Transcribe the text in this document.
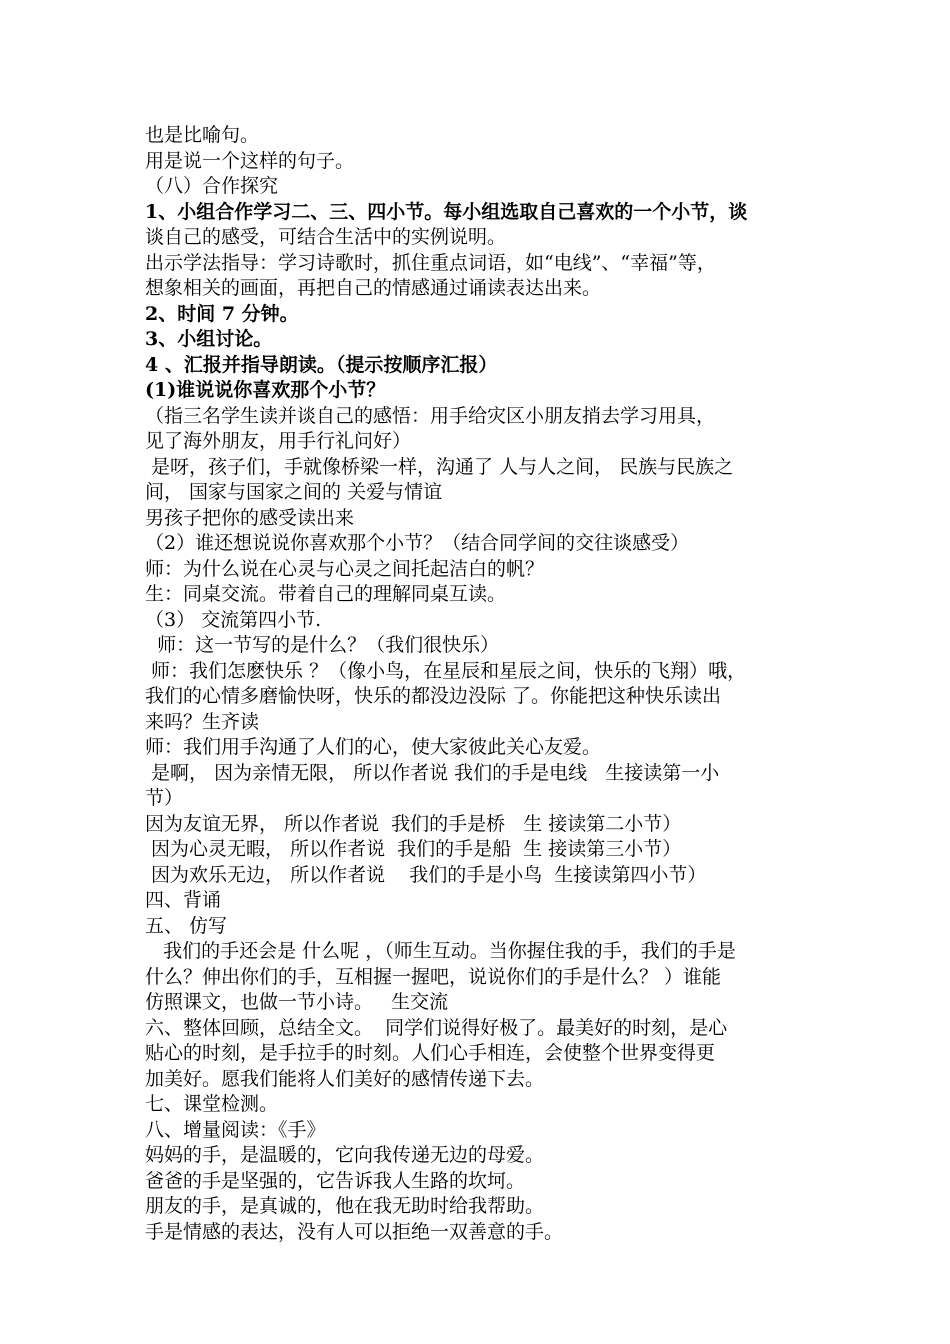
也是比喻句。
用是说一个这样的句子。
（八）合作探究
1、小组合作学习二、三、四小节。每小组选取自己喜欢的一个小节，谈
谈自己的感受，可结合生活中的实例说明。
出示学法指导：学习诗歌时，抓住重点词语，如“电线”、“幸福”等，
想象相关的画面，再把自己的情感通过诵读表达出来。
2、时间 7 分钟。
3、小组讨论。
4 、汇报并指导朗读。（提示按顺序汇报）
(1)谁说说你喜欢那个小节？
（指三名学生读并谈自己的感悟：用手给灾区小朋友捎去学习用具，
见了海外朋友，用手行礼问好）
是呀，孩子们，手就像桥梁一样，沟通了 人与人之间， 民族与民族之
间， 国家与国家之间的 关爱与情谊
男孩子把你的感受读出来
（2）谁还想说说你喜欢那个小节？（结合同学间的交往谈感受）
师：为什么说在心灵与心灵之间托起洁白的帆？
生：同桌交流。带着自己的理解同桌互读。
（3） 交流第四小节.
师：这一节写的是什么？（我们很快乐）
师：我们怎麽快乐 ？（像小鸟，在星辰和星辰之间，快乐的飞翔）哦，
我们的心情多磨愉快呀，快乐的都没边没际 了。你能把这种快乐读出
来吗？生齐读
师：我们用手沟通了人们的心，使大家彼此关心友爱。
是啊， 因为亲情无限， 所以作者说 我们的手是电线   生接读第一小
节）
因为友谊无界， 所以作者说  我们的手是桥   生 接读第二小节）
因为心灵无暇， 所以作者说  我们的手是船  生 接读第三小节）
因为欢乐无边， 所以作者说    我们的手是小鸟  生接读第四小节）
四、背诵
五、 仿写
我们的手还会是 什么呢 ，（师生互动。当你握住我的手，我们的手是
什么？伸出你们的手，互相握一握吧，说说你们的手是什么？ ）谁能
仿照课文，也做一节小诗。   生交流
六、整体回顾，总结全文。  同学们说得好极了。最美好的时刻，是心
贴心的时刻，是手拉手的时刻。人们心手相连，会使整个世界变得更
加美好。愿我们能将人们美好的感情传递下去。
七、课堂检测。
八、增量阅读：《手》
妈妈的手，是温暖的，它向我传递无边的母爱。
爸爸的手是坚强的，它告诉我人生路的坎坷。
朋友的手，是真诚的，他在我无助时给我帮助。
手是情感的表达，没有人可以拒绝一双善意的手。
